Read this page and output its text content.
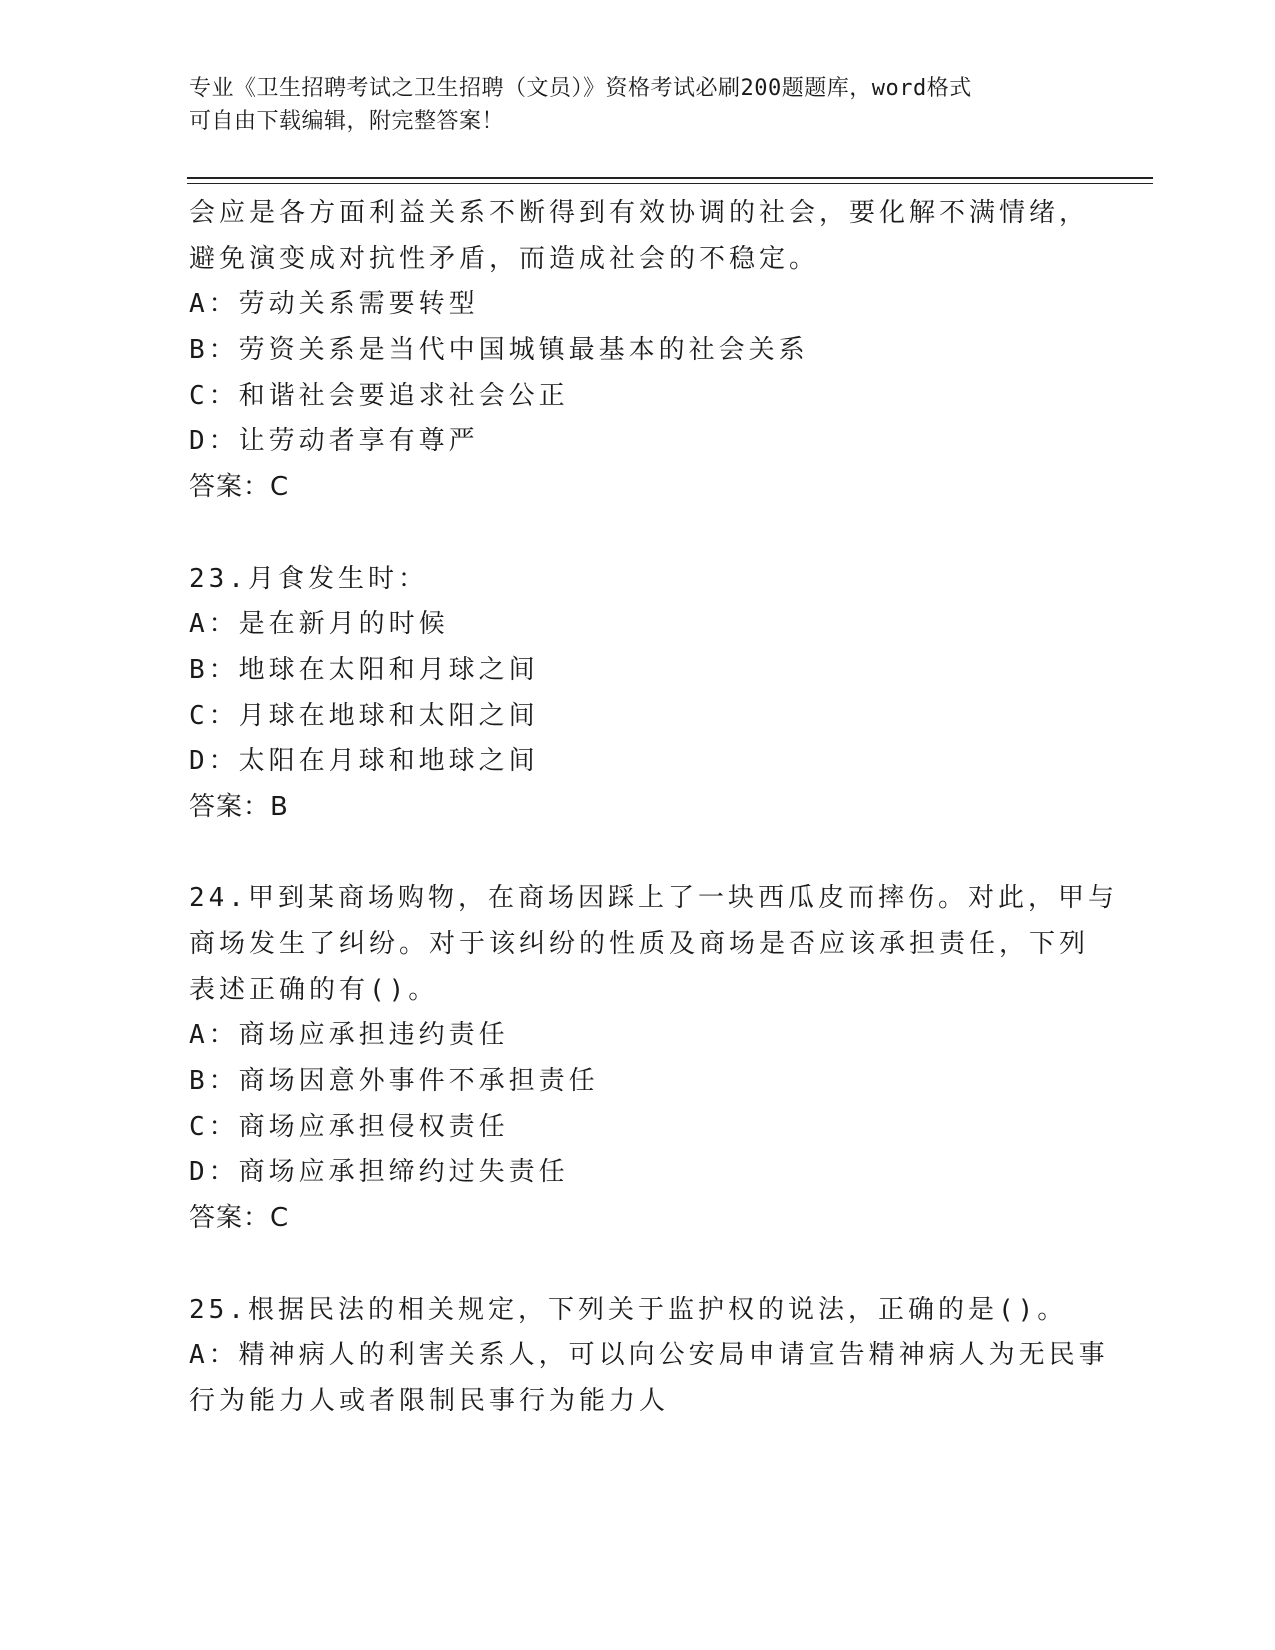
专业《卫生招聘考试之卫生招聘（文员）》资格考试必刷200题题库，word格式
可自由下载编辑，附完整答案！
会应是各方面利益关系不断得到有效协调的社会，要化解不满情绪，
避免演变成对抗性矛盾，而造成社会的不稳定。
A：劳动关系需要转型
B：劳资关系是当代中国城镇最基本的社会关系
C：和谐社会要追求社会公正
D：让劳动者享有尊严
答案：C
23.月食发生时：
A：是在新月的时候
B：地球在太阳和月球之间
C：月球在地球和太阳之间
D：太阳在月球和地球之间
答案：B
24.甲到某商场购物，在商场因踩上了一块西瓜皮而摔伤。对此，甲与
商场发生了纠纷。对于该纠纷的性质及商场是否应该承担责任，下列
表述正确的有()。
A：商场应承担违约责任
B：商场因意外事件不承担责任
C：商场应承担侵权责任
D：商场应承担缔约过失责任
答案：C
25.根据民法的相关规定，下列关于监护权的说法，正确的是()。
A：精神病人的利害关系人，可以向公安局申请宣告精神病人为无民事
行为能力人或者限制民事行为能力人
